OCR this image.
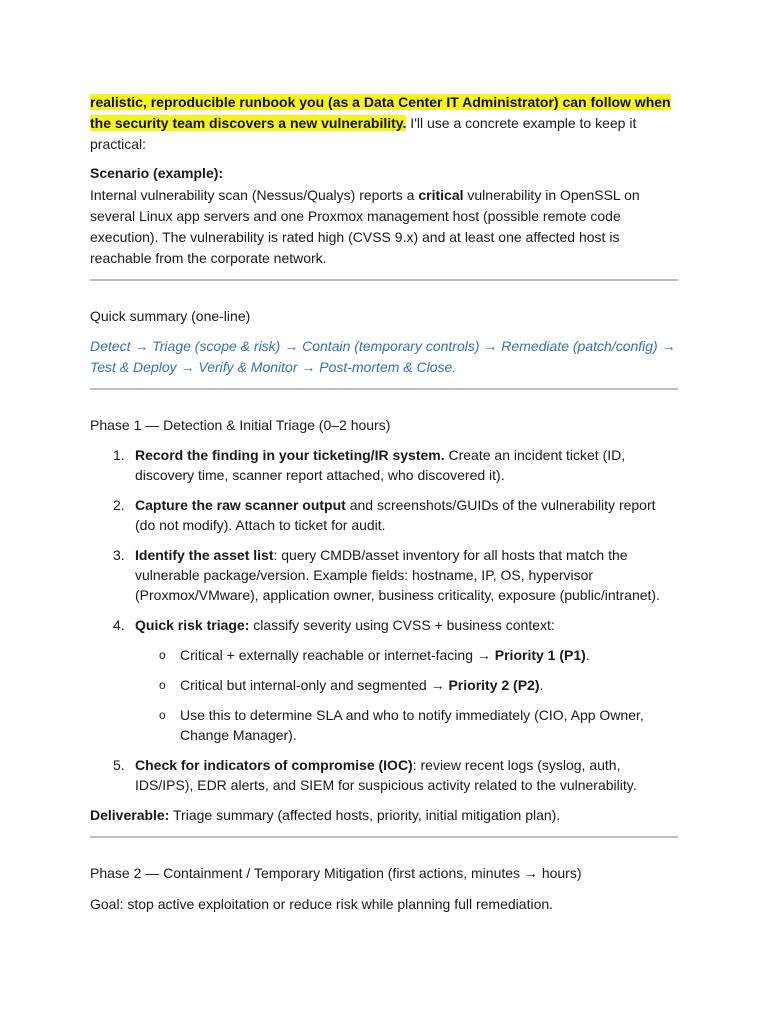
realistic, reproducible runbook you (as a Data Center IT Administrator) can follow when the security team discovers a new vulnerability. I'll use a concrete example to keep it practical:

Scenario (example):

Internal vulnerability scan (Nessus/Qualys) reports a critical vulnerability in OpenSSL on several Linux app servers and one Proxmox management host (possible remote code execution). The vulnerability is rated high (CVSS 9.x) and at least one affected host is reachable from the corporate network.

Quick summary (one-line)

Detect → Triage (scope & risk) → Contain (temporary controls) → Remediate (patch/config) → Test & Deploy → Verify & Monitor → Post-mortem & Close.

Phase 1 — Detection & Initial Triage (0–2 hours)

1. Record the finding in your ticketing/IR system. Create an incident ticket (ID, discovery time, scanner report attached, who discovered it).
2. Capture the raw scanner output and screenshots/GUIDs of the vulnerability report (do not modify). Attach to ticket for audit.
3. Identify the asset list: query CMDB/asset inventory for all hosts that match the vulnerable package/version. Example fields: hostname, IP, OS, hypervisor (Proxmox/VMware), application owner, business criticality, exposure (public/intranet).
4. Quick risk triage: classify severity using CVSS + business context:
o Critical + externally reachable or internet-facing → Priority 1 (P1).
o Critical but internal-only and segmented → Priority 2 (P2).
o Use this to determine SLA and who to notify immediately (CIO, App Owner, Change Manager).
5. Check for indicators of compromise (IOC): review recent logs (syslog, auth, IDS/IPS), EDR alerts, and SIEM for suspicious activity related to the vulnerability.

Deliverable: Triage summary (affected hosts, priority, initial mitigation plan).

Phase 2 — Containment / Temporary Mitigation (first actions, minutes → hours)

Goal: stop active exploitation or reduce risk while planning full remediation.
